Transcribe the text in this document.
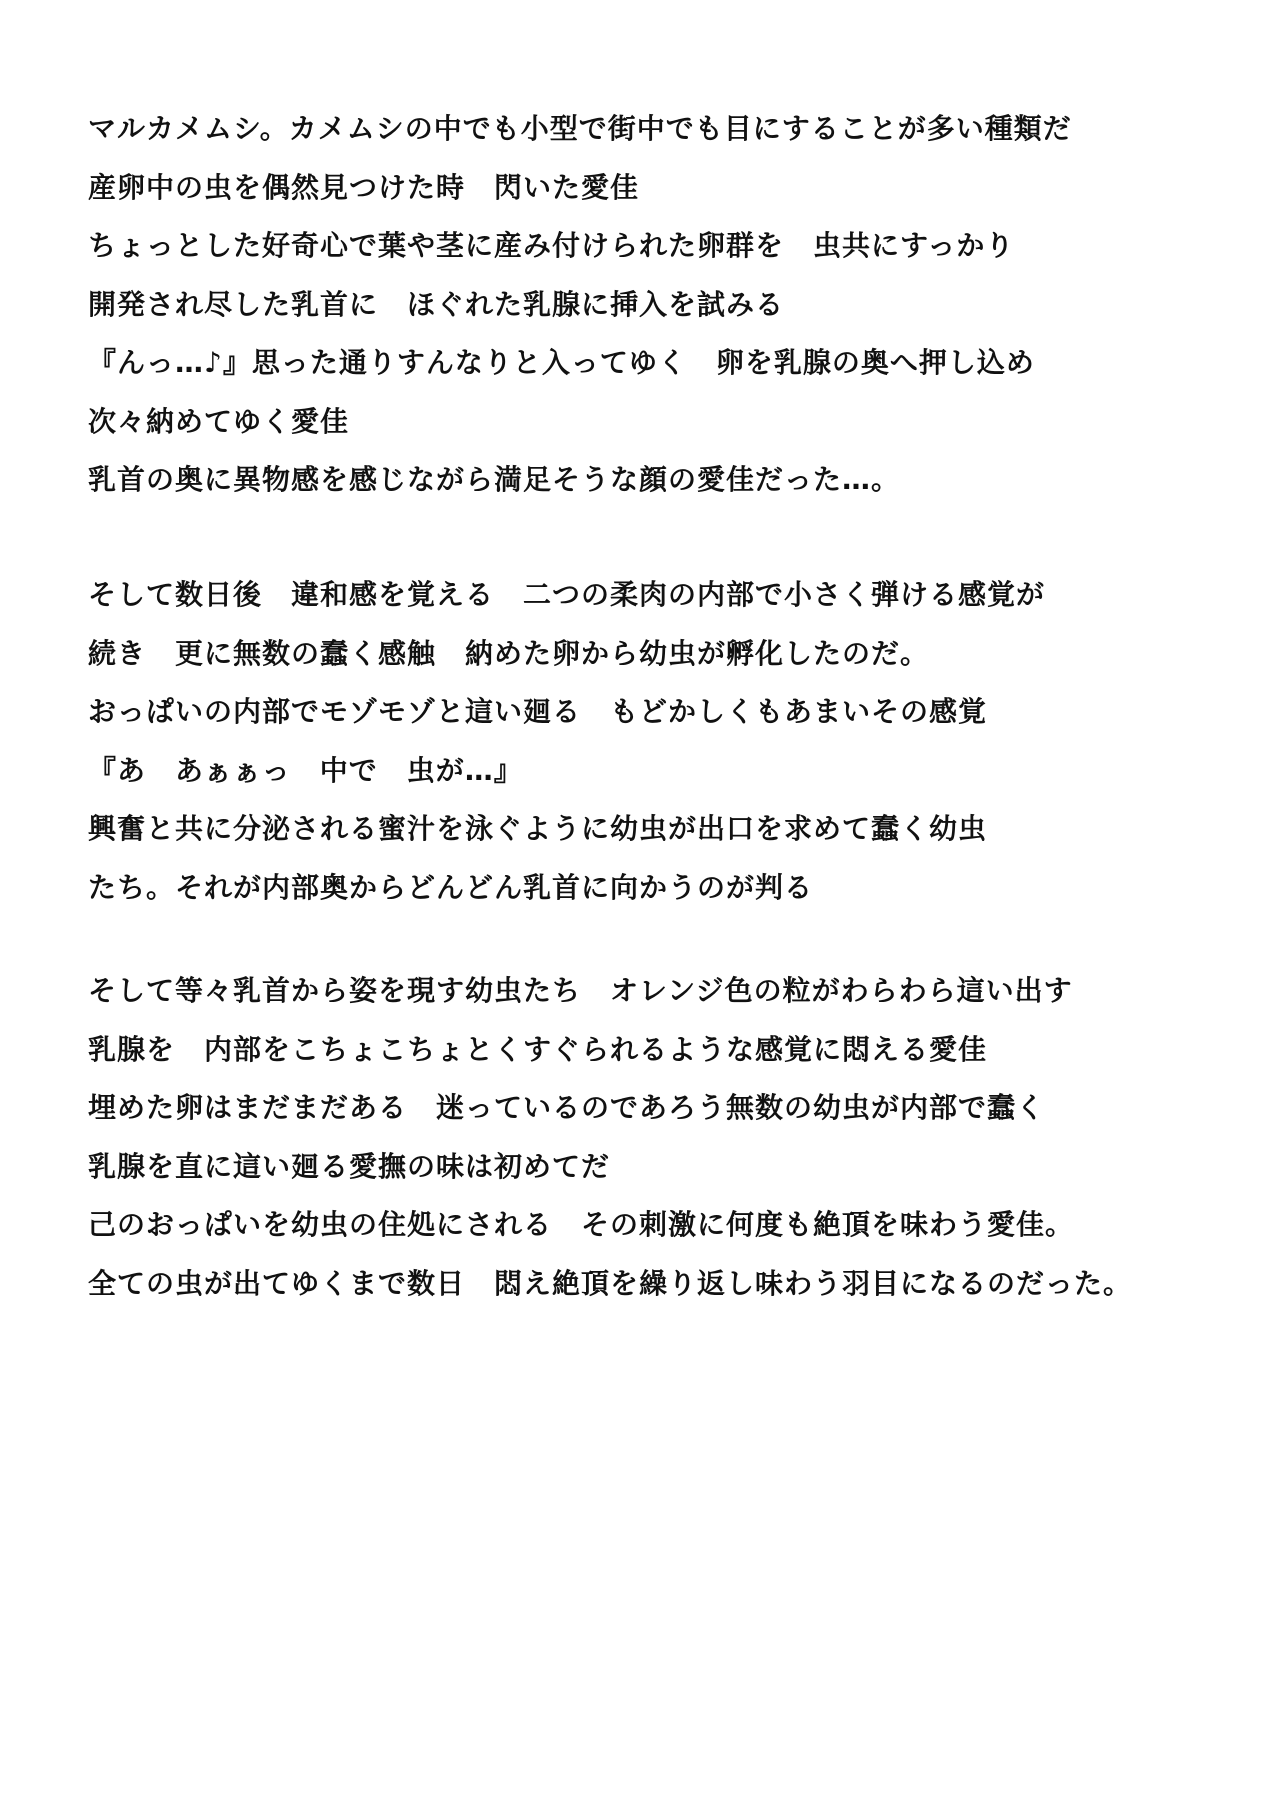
マルカメムシ。カメムシの中でも小型で街中でも目にすることが多い種類だ
産卵中の虫を偶然見つけた時　閃いた愛佳
ちょっとした好奇心で葉や茎に産み付けられた卵群を　虫共にすっかり
開発され尽した乳首に　ほぐれた乳腺に挿入を試みる
『んっ…♪』思った通りすんなりと入ってゆく　卵を乳腺の奥へ押し込め
次々納めてゆく愛佳
乳首の奥に異物感を感じながら満足そうな顔の愛佳だった…。
そして数日後　違和感を覚える　二つの柔肉の内部で小さく弾ける感覚が
続き　更に無数の蠢く感触　納めた卵から幼虫が孵化したのだ。
おっぱいの内部でモゾモゾと這い廻る　もどかしくもあまいその感覚
『あ　あぁぁっ　中で　虫が…』
興奮と共に分泌される蜜汁を泳ぐように幼虫が出口を求めて蠢く幼虫
たち。それが内部奥からどんどん乳首に向かうのが判る
そして等々乳首から姿を現す幼虫たち　オレンジ色の粒がわらわら這い出す
乳腺を　内部をこちょこちょとくすぐられるような感覚に悶える愛佳
埋めた卵はまだまだある　迷っているのであろう無数の幼虫が内部で蠢く
乳腺を直に這い廻る愛撫の味は初めてだ
己のおっぱいを幼虫の住処にされる　その刺激に何度も絶頂を味わう愛佳。
全ての虫が出てゆくまで数日　悶え絶頂を繰り返し味わう羽目になるのだった。
